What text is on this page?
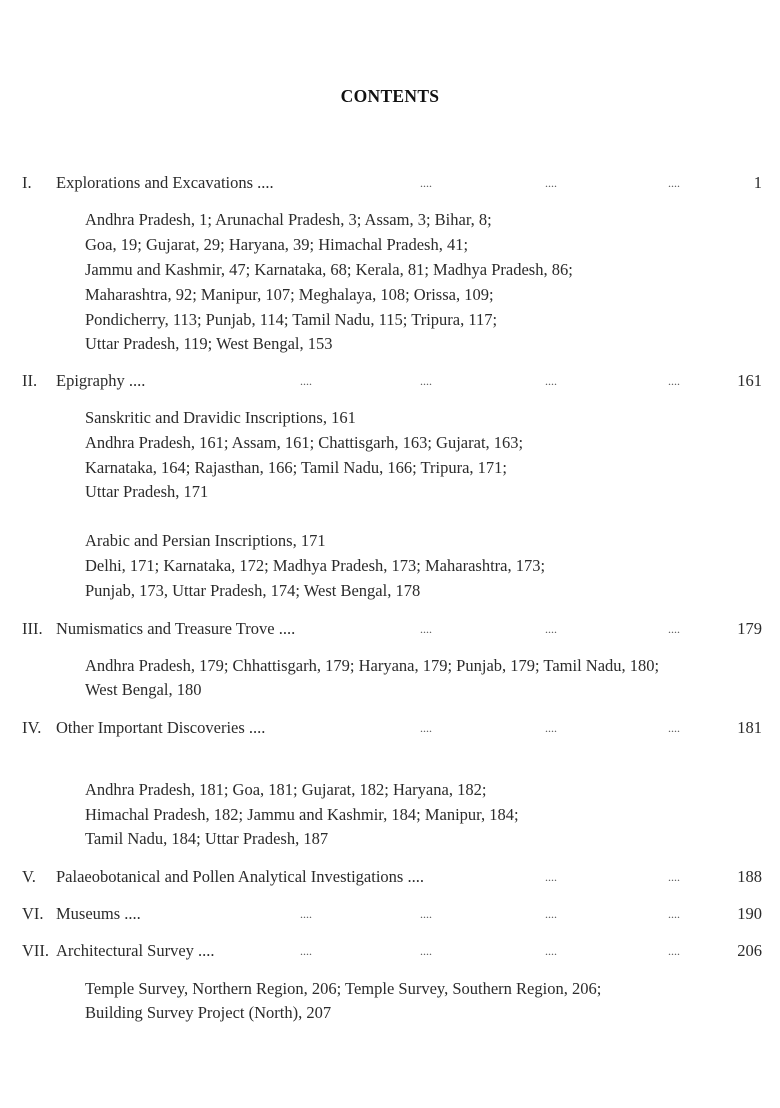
CONTENTS
I. Explorations and Excavations ....	....	....	....	1
Andhra Pradesh, 1; Arunachal Pradesh, 3; Assam, 3; Bihar, 8;
Goa, 19; Gujarat, 29; Haryana, 39; Himachal Pradesh, 41;
Jammu and Kashmir, 47; Karnataka, 68; Kerala, 81; Madhya Pradesh, 86;
Maharashtra, 92; Manipur, 107; Meghalaya, 108; Orissa, 109;
Pondicherry, 113; Punjab, 114; Tamil Nadu, 115; Tripura, 117;
Uttar Pradesh, 119; West Bengal, 153
II. Epigraphy ....	....	....	....	....	161
Sanskritic and Dravidic Inscriptions, 161
Andhra Pradesh, 161; Assam, 161; Chattisgarh, 163; Gujarat, 163;
Karnataka, 164; Rajasthan, 166; Tamil Nadu, 166; Tripura, 171;
Uttar Pradesh, 171
Arabic and Persian Inscriptions, 171
Delhi, 171; Karnataka, 172; Madhya Pradesh, 173; Maharashtra, 173;
Punjab, 173, Uttar Pradesh, 174; West Bengal, 178
III. Numismatics and Treasure Trove ....	....	....	....	179
Andhra Pradesh, 179; Chhattisgarh, 179; Haryana, 179; Punjab, 179; Tamil Nadu, 180;
West Bengal, 180
IV. Other Important Discoveries ....	....	....	....	181
Andhra Pradesh, 181; Goa, 181; Gujarat, 182; Haryana, 182;
Himachal Pradesh, 182; Jammu and Kashmir, 184; Manipur, 184;
Tamil Nadu, 184; Uttar Pradesh, 187
V. Palaeobotanical and Pollen Analytical Investigations ....	....	....	188
VI. Museums ....	....	....	....	....	190
VII. Architectural Survey ....	....	....	....	....	206
Temple Survey, Northern Region, 206; Temple Survey, Southern Region, 206;
Building Survey Project (North), 207
